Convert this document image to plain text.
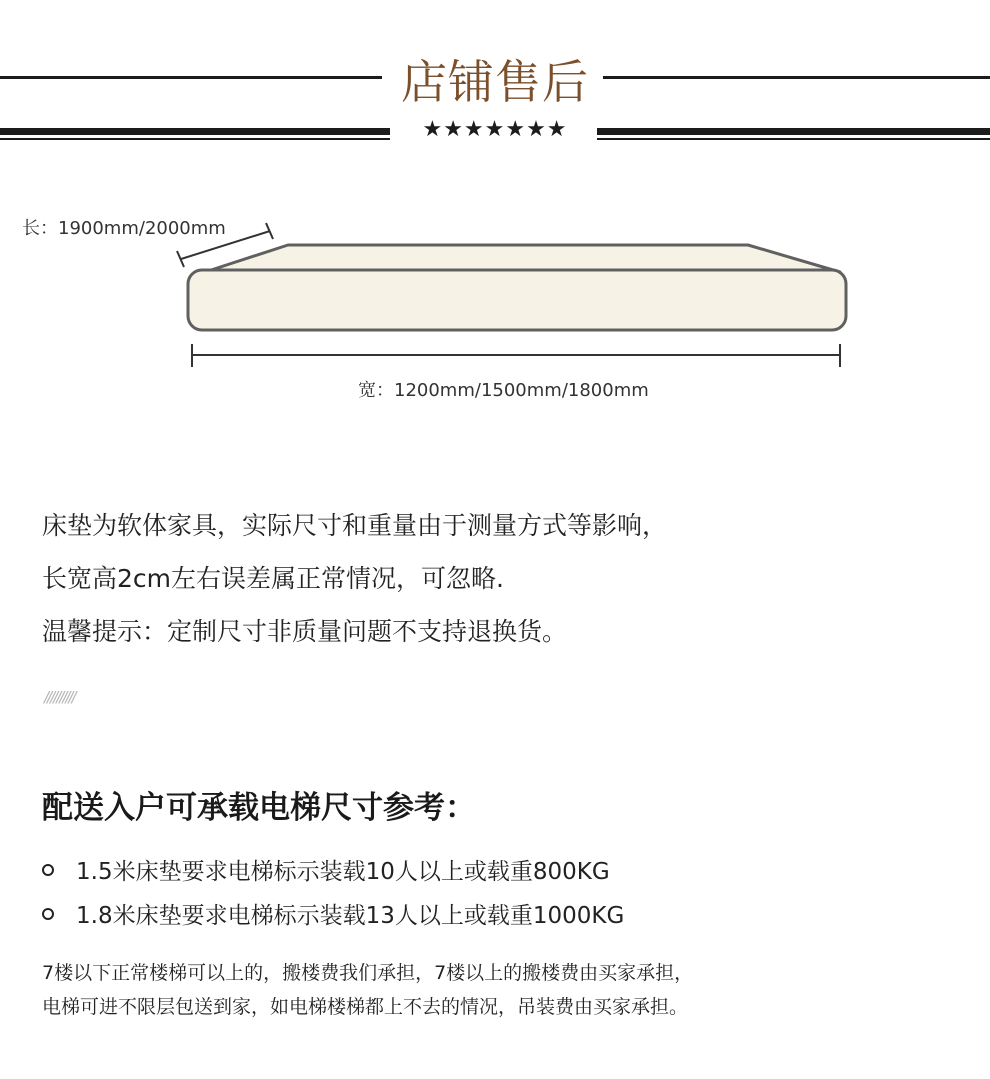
店铺售后
★★★★★★★
长：1900mm/2000mm
宽：1200mm/1500mm/1800mm
床垫为软体家具，实际尺寸和重量由于测量方式等影响，
长宽高2cm左右误差属正常情况，可忽略.
温馨提示：定制尺寸非质量问题不支持退换货。
//////////
配送入户可承载电梯尺寸参考：
1.5米床垫要求电梯标示装载10人以上或载重800KG
1.8米床垫要求电梯标示装载13人以上或载重1000KG
7楼以下正常楼梯可以上的，搬楼费我们承担，7楼以上的搬楼费由买家承担，
电梯可进不限层包送到家，如电梯楼梯都上不去的情况，吊装费由买家承担。
